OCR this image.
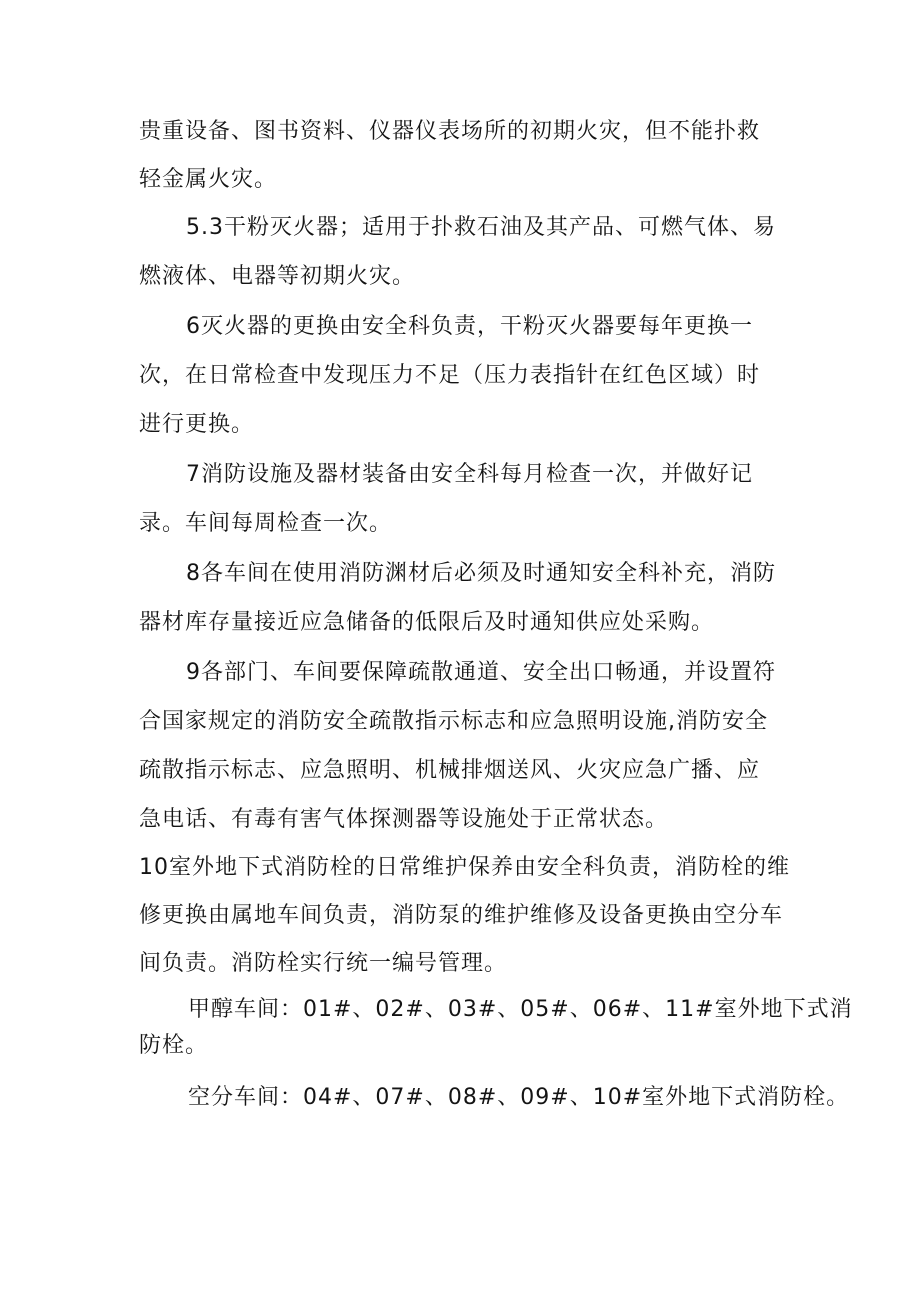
贵重设备、图书资料、仪器仪表场所的初期火灾，但不能扑救
轻金属火灾。
5.3干粉灭火器；适用于扑救石油及其产品、可燃气体、易
燃液体、电器等初期火灾。
6灭火器的更换由安全科负责，干粉灭火器要每年更换一
次，在日常检查中发现压力不足（压力表指针在红色区域）时
进行更换。
7消防设施及器材装备由安全科每月检查一次，并做好记
录。车间每周检查一次。
8各车间在使用消防渊材后必须及时通知安全科补充，消防
器材库存量接近应急储备的低限后及时通知供应处采购。
9各部门、车间要保障疏散通道、安全出口畅通，并设置符
合国家规定的消防安全疏散指示标志和应急照明设施,消防安全
疏散指示标志、应急照明、机械排烟送风、火灾应急广播、应
急电话、有毒有害气体探测器等设施处于正常状态。
10室外地下式消防栓的日常维护保养由安全科负责，消防栓的维
修更换由属地车间负责，消防泵的维护维修及设备更换由空分车
间负责。消防栓实行统一编号管理。
甲醇车间：01#、02#、03#、05#、06#、11#室外地下式消
防栓。
空分车间：04#、07#、08#、09#、10#室外地下式消防栓。
